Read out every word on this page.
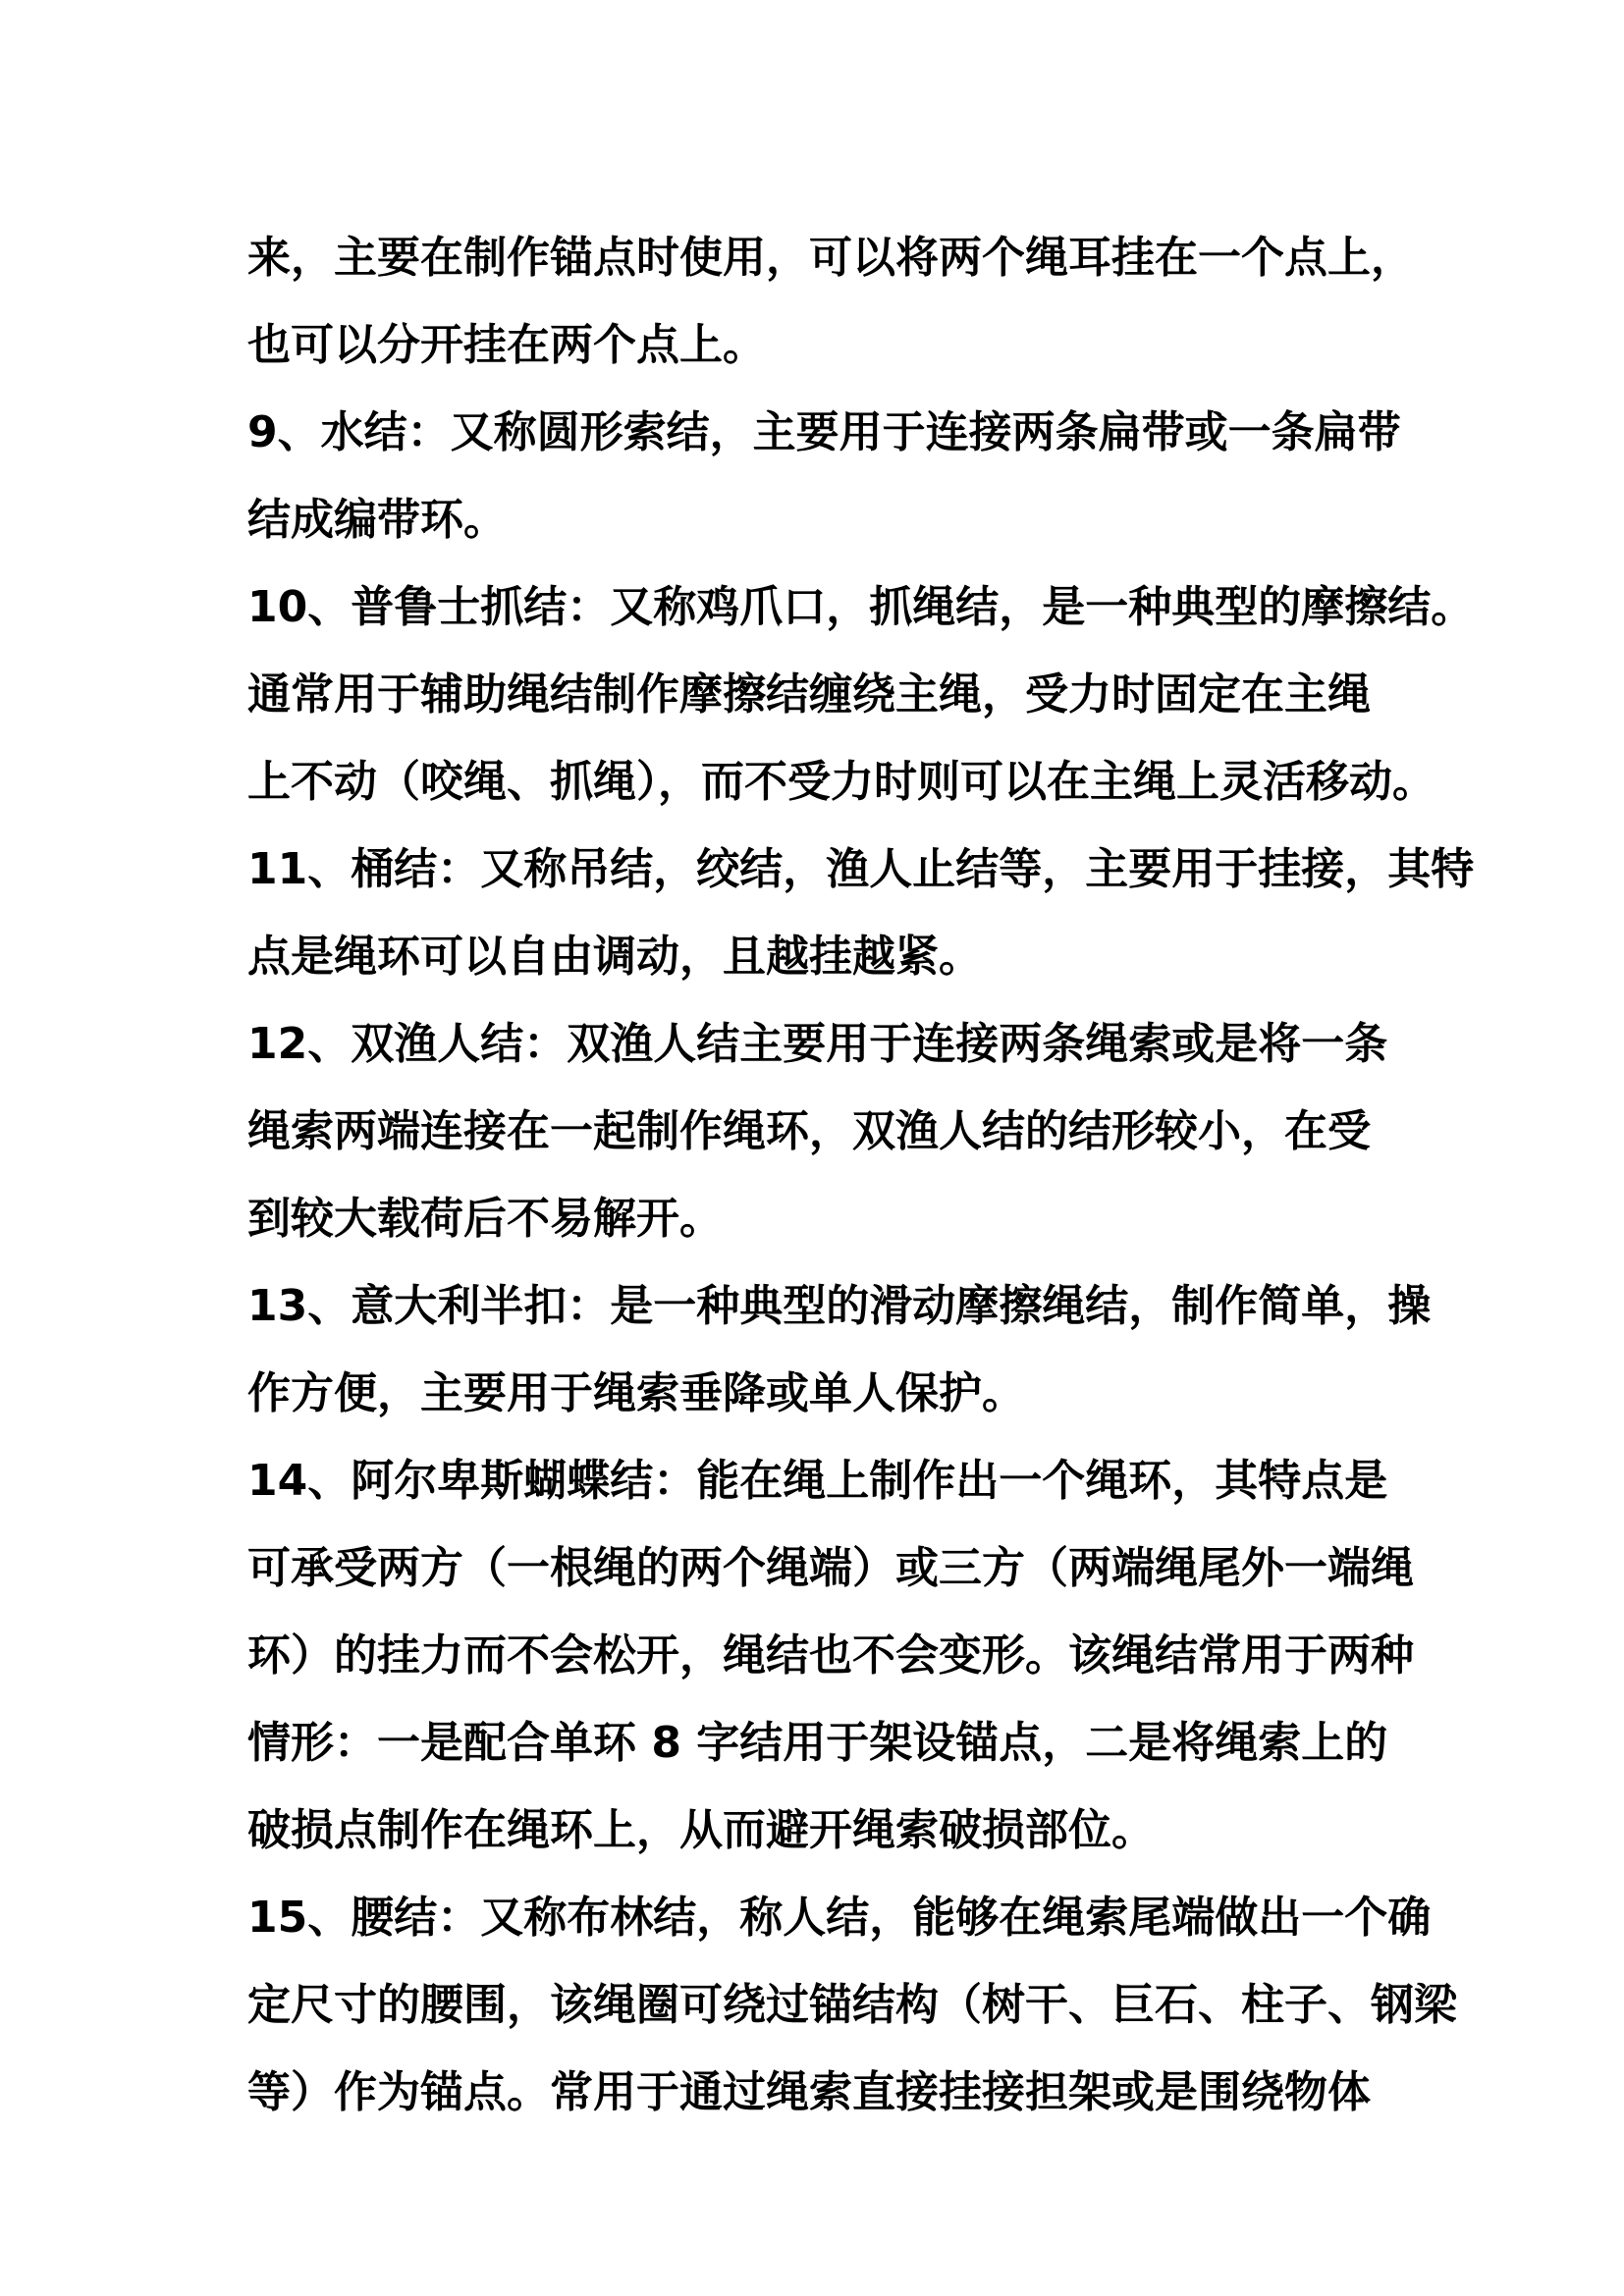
来，主要在制作锚点时使用，可以将两个绳耳挂在一个点上，
也可以分开挂在两个点上。
9、水结：又称圆形索结，主要用于连接两条扁带或一条扁带
结成编带环。
10、普鲁士抓结：又称鸡爪口，抓绳结，是一种典型的摩擦结。
通常用于辅助绳结制作摩擦结缠绕主绳，受力时固定在主绳
上不动（咬绳、抓绳），而不受力时则可以在主绳上灵活移动。
11、桶结：又称吊结，绞结，渔人止结等，主要用于挂接，其特
点是绳环可以自由调动，且越挂越紧。
12、双渔人结：双渔人结主要用于连接两条绳索或是将一条
绳索两端连接在一起制作绳环，双渔人结的结形较小，在受
到较大载荷后不易解开。
13、意大利半扣：是一种典型的滑动摩擦绳结，制作简单，操
作方便，主要用于绳索垂降或单人保护。
14、阿尔卑斯蝴蝶结：能在绳上制作出一个绳环，其特点是
可承受两方（一根绳的两个绳端）或三方（两端绳尾外一端绳
环）的挂力而不会松开，绳结也不会变形。该绳结常用于两种
情形：一是配合单环 8 字结用于架设锚点，二是将绳索上的
破损点制作在绳环上，从而避开绳索破损部位。
15、腰结：又称布林结，称人结，能够在绳索尾端做出一个确
定尺寸的腰围，该绳圈可绕过锚结构（树干、巨石、柱子、钢梁
等）作为锚点。常用于通过绳索直接挂接担架或是围绕物体
